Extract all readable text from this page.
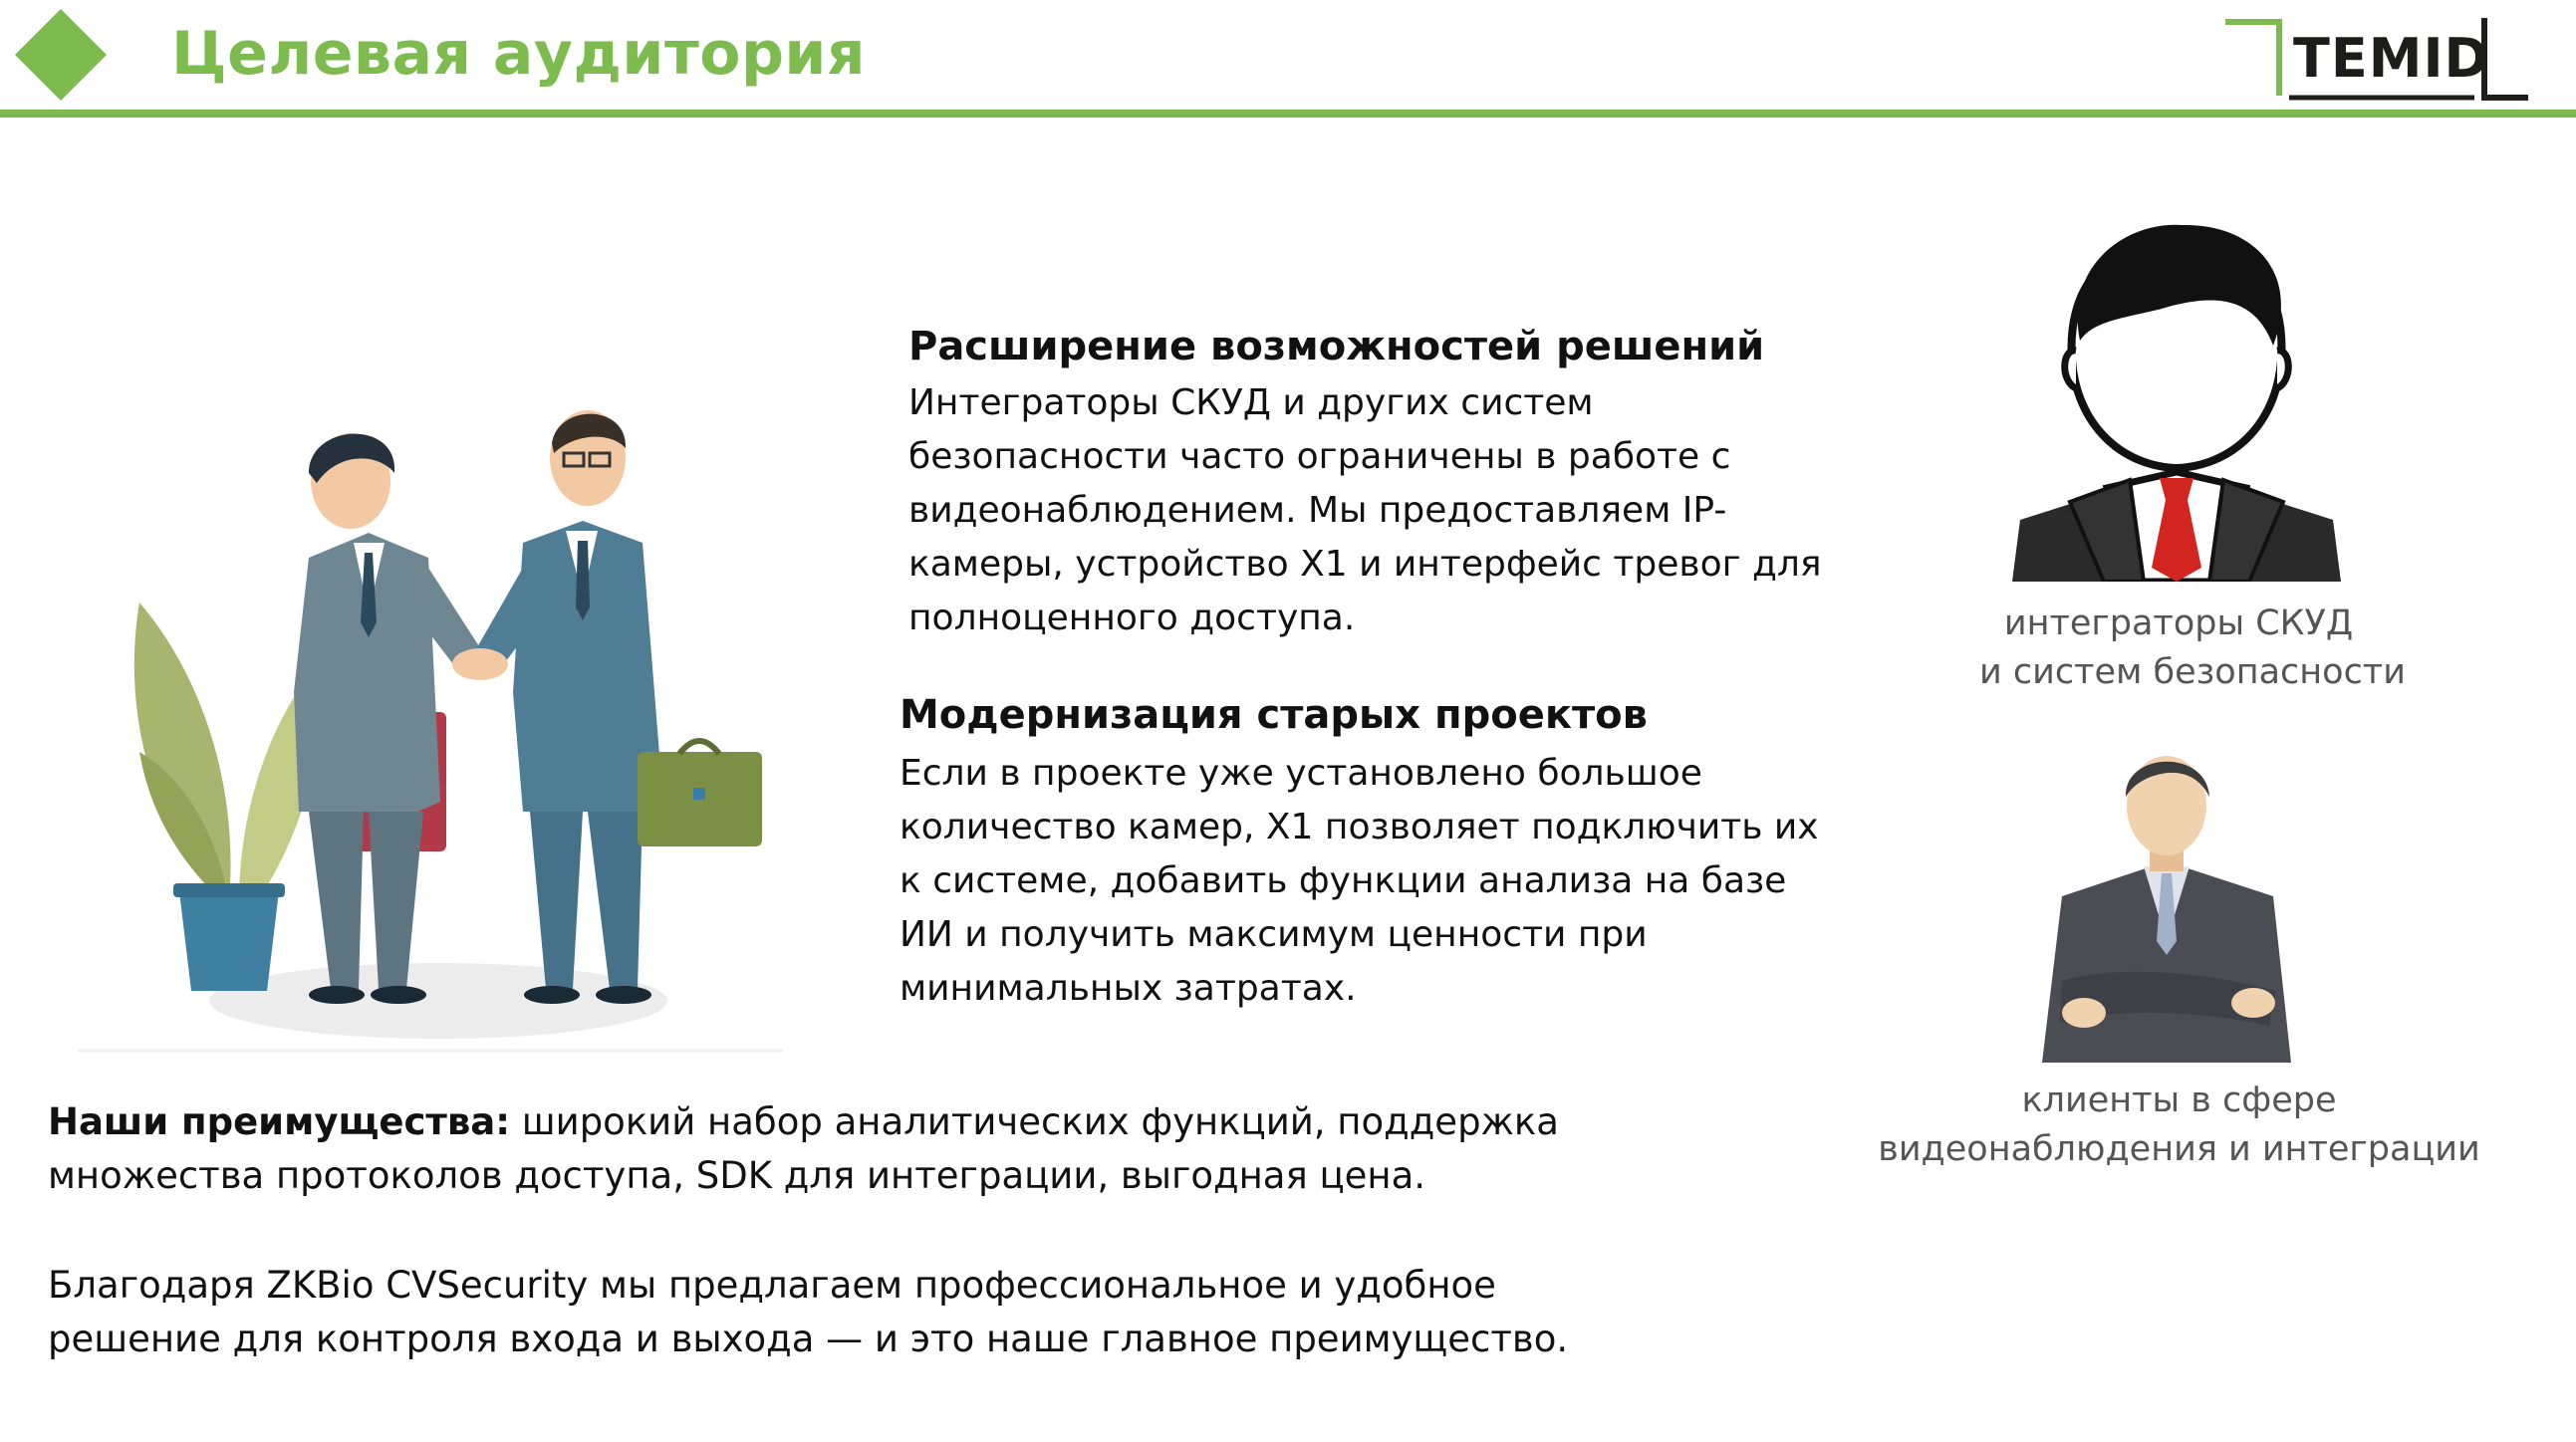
Целевая аудитория	TEMID
Расширение возможностей решений
Интеграторы СКУД и других систем
безопасности часто ограничены в работе с
видеонаблюдением. Мы предоставляем IP-
камеры, устройство X1 и интерфейс тревог для
полноценного доступа.
Модернизация старых проектов
Если в проекте уже установлено большое
количество камер, X1 позволяет подключить их
к системе, добавить функции анализа на базе
ИИ и получить максимум ценности при
минимальных затратах.
интеграторы СКУД
и систем безопасности
клиенты в сфере
видеонаблюдения и интеграции
Наши преимущества: широкий набор аналитических функций, поддержка
множества протоколов доступа, SDK для интеграции, выгодная цена.
Благодаря ZKBio CVSecurity мы предлагаем профессиональное и удобное
решение для контроля входа и выхода — и это наше главное преимущество.
